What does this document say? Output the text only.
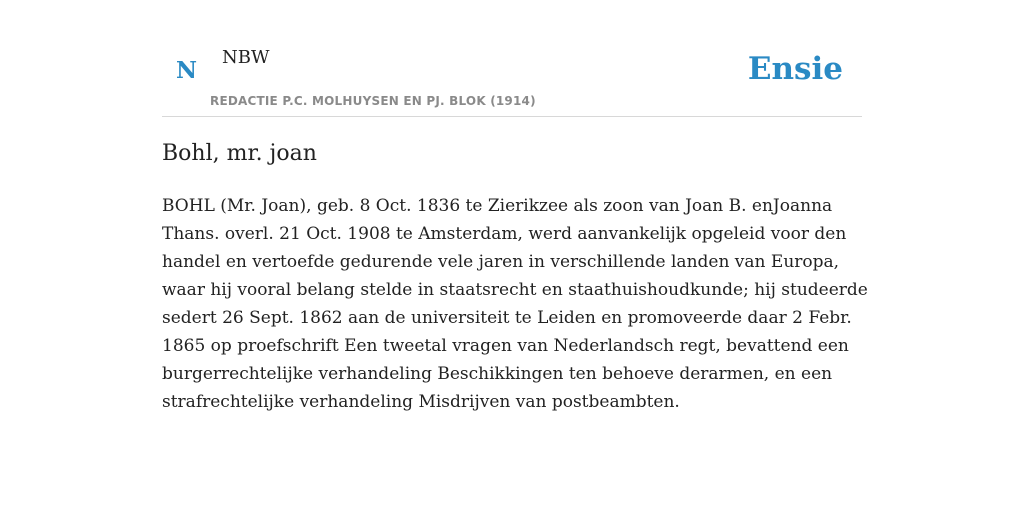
N NBW
REDACTIE P.C. MOLHUYSEN EN PJ. BLOK (1914)
Ensie
Bohl, mr. joan
BOHL (Mr. Joan), geb. 8 Oct. 1836 te Zierikzee als zoon van Joan B. enJoanna
Thans. overl. 21 Oct. 1908 te Amsterdam, werd aanvankelijk opgeleid voor den
handel en vertoefde gedurende vele jaren in verschillende landen van Europa,
waar hij vooral belang stelde in staatsrecht en staathuishoudkunde; hij studeerde
sedert 26 Sept. 1862 aan de universiteit te Leiden en promoveerde daar 2 Febr.
1865 op proefschrift Een tweetal vragen van Nederlandsch regt, bevattend een
burgerrechtelijke verhandeling Beschikkingen ten behoeve derarmen, en een
strafrechtelijke verhandeling Misdrijven van postbeambten.
